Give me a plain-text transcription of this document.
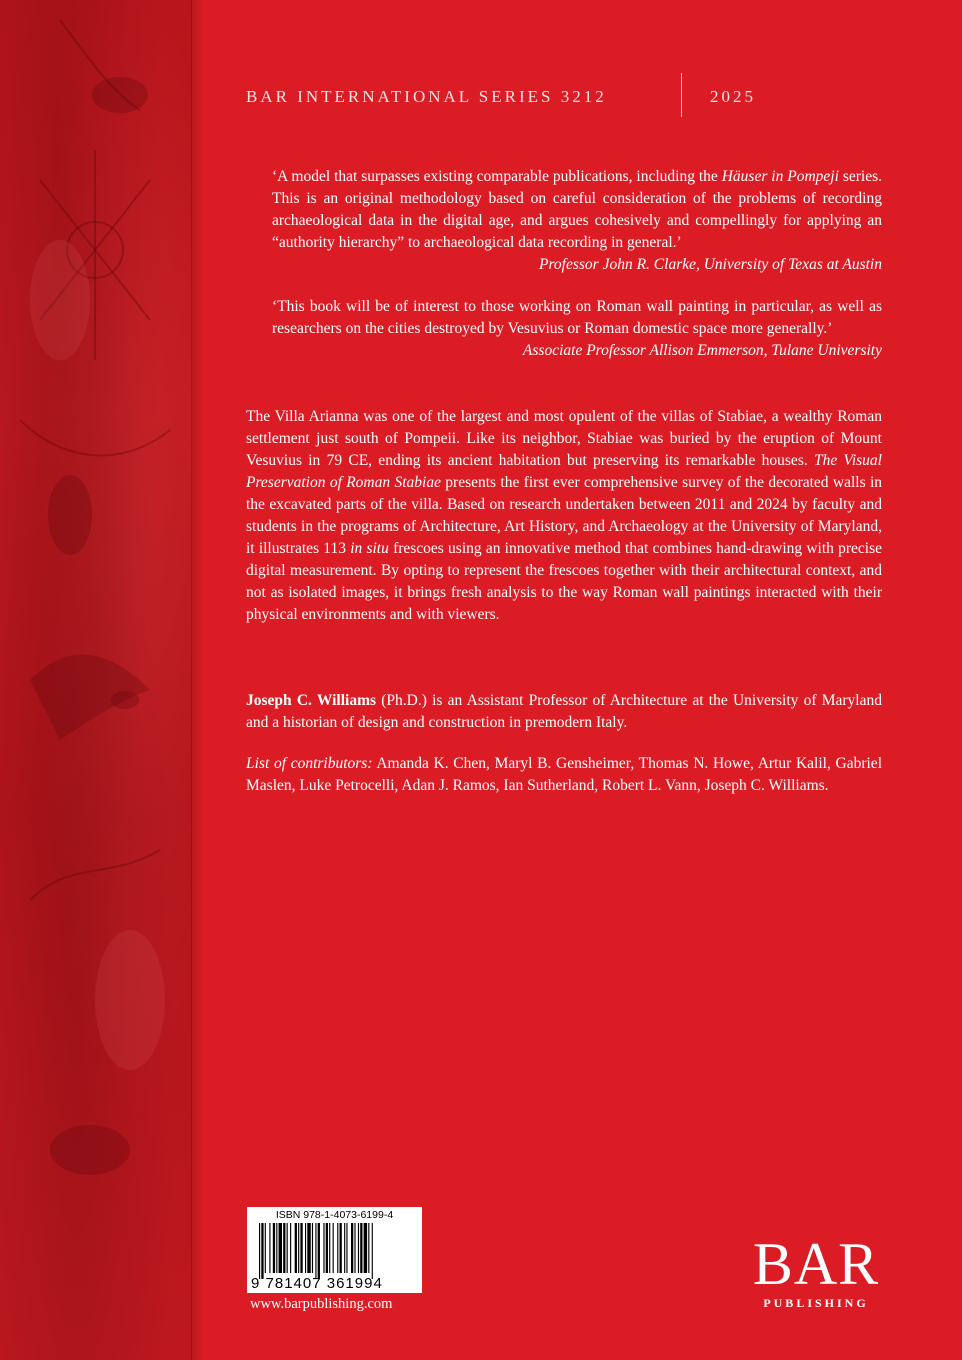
BAR INTERNATIONAL SERIES 3212	2025
‘A model that surpasses existing comparable publications, including the Häuser in Pompeji series. This is an original methodology based on careful consideration of the problems of recording archaeological data in the digital age, and argues cohesively and compellingly for applying an “authority hierarchy” to archaeological data recording in general.’
Professor John R. Clarke, University of Texas at Austin
‘This book will be of interest to those working on Roman wall painting in particular, as well as researchers on the cities destroyed by Vesuvius or Roman domestic space more generally.’
Associate Professor Allison Emmerson, Tulane University
The Villa Arianna was one of the largest and most opulent of the villas of Stabiae, a wealthy Roman settlement just south of Pompeii. Like its neighbor, Stabiae was buried by the eruption of Mount Vesuvius in 79 CE, ending its ancient habitation but preserving its remarkable houses. The Visual Preservation of Roman Stabiae presents the first ever comprehensive survey of the decorated walls in the excavated parts of the villa. Based on research undertaken between 2011 and 2024 by faculty and students in the programs of Architecture, Art History, and Archaeology at the University of Maryland, it illustrates 113 in situ frescoes using an innovative method that combines hand-drawing with precise digital measurement. By opting to represent the frescoes together with their architectural context, and not as isolated images, it brings fresh analysis to the way Roman wall paintings interacted with their physical environments and with viewers.
Joseph C. Williams (Ph.D.) is an Assistant Professor of Architecture at the University of Maryland and a historian of design and construction in premodern Italy.
List of contributors: Amanda K. Chen, Maryl B. Gensheimer, Thomas N. Howe, Artur Kalil, Gabriel Maslen, Luke Petrocelli, Adan J. Ramos, Ian Sutherland, Robert L. Vann, Joseph C. Williams.
ISBN 978-1-4073-6199-4
9 781407 361994
www.barpublishing.com
BAR
PUBLISHING
